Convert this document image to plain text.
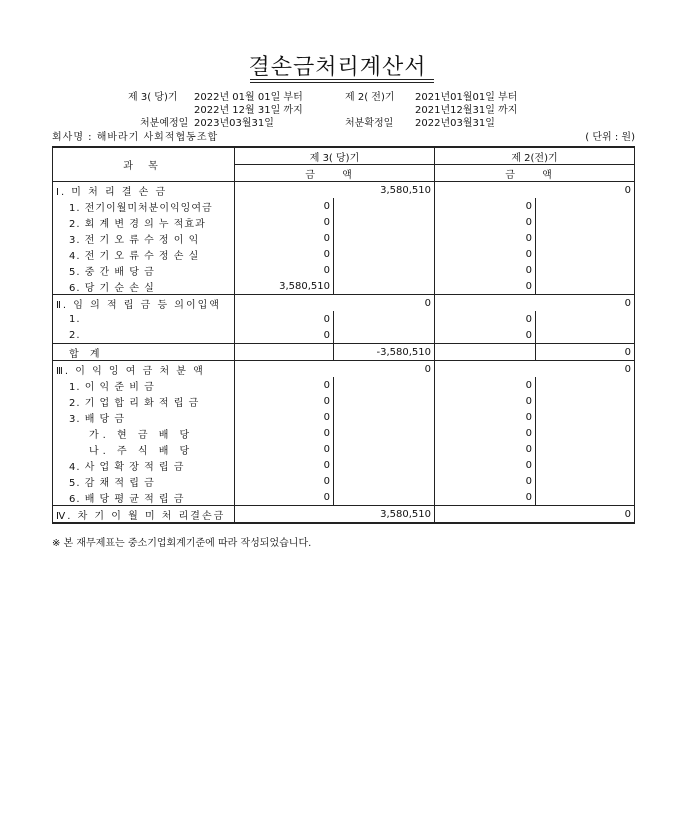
결손금처리계산서
제 3( 당)기 2022년 01월 01일 부터
2022년 12월 31일 까지
제 2( 전)기 2021년01월01일 부터
2021년12월31일 까지
처분예정일 2023년03월31일	처분확정일 2022년03월31일
회사명 : 해바라기 사회적협동조합	( 단위 : 원)
과 목	제 3( 당)기		제 2(전)기	
	금 액		금 액	
Ⅰ. 미 처 리 결 손 금		3,580,510		0
1. 전기이월미처분이익잉여금	0		0	
2. 회 계 변 경 의 누 적효과	0		0	
3. 전 기 오 류 수 정 이 익	0		0	
4. 전 기 오 류 수 정 손 실	0		0	
5. 중 간 배 당 금	0		0	
6. 당 기 순 손 실	3,580,510		0	
Ⅱ. 임 의 적 립 금 등 의이입액		0		0
1.	0		0	
2.	0		0	
합 계		-3,580,510		0
Ⅲ. 이 익 잉 여 금 처 분 액		0		0
1. 이 익 준 비 금	0		0	
2. 기 업 합 리 화 적 립 금	0		0	
3. 배 당 금	0		0	
가. 현 금 배 당	0		0	
나. 주 식 배 당	0		0	
4. 사 업 확 장 적 립 금	0		0	
5. 감 채 적 립 금	0		0	
6. 배 당 평 균 적 립 금	0		0	
Ⅳ. 차 기 이 월 미 처 리결손금		3,580,510		0
※ 본 재무제표는 중소기업회계기준에 따라 작성되었습니다.
